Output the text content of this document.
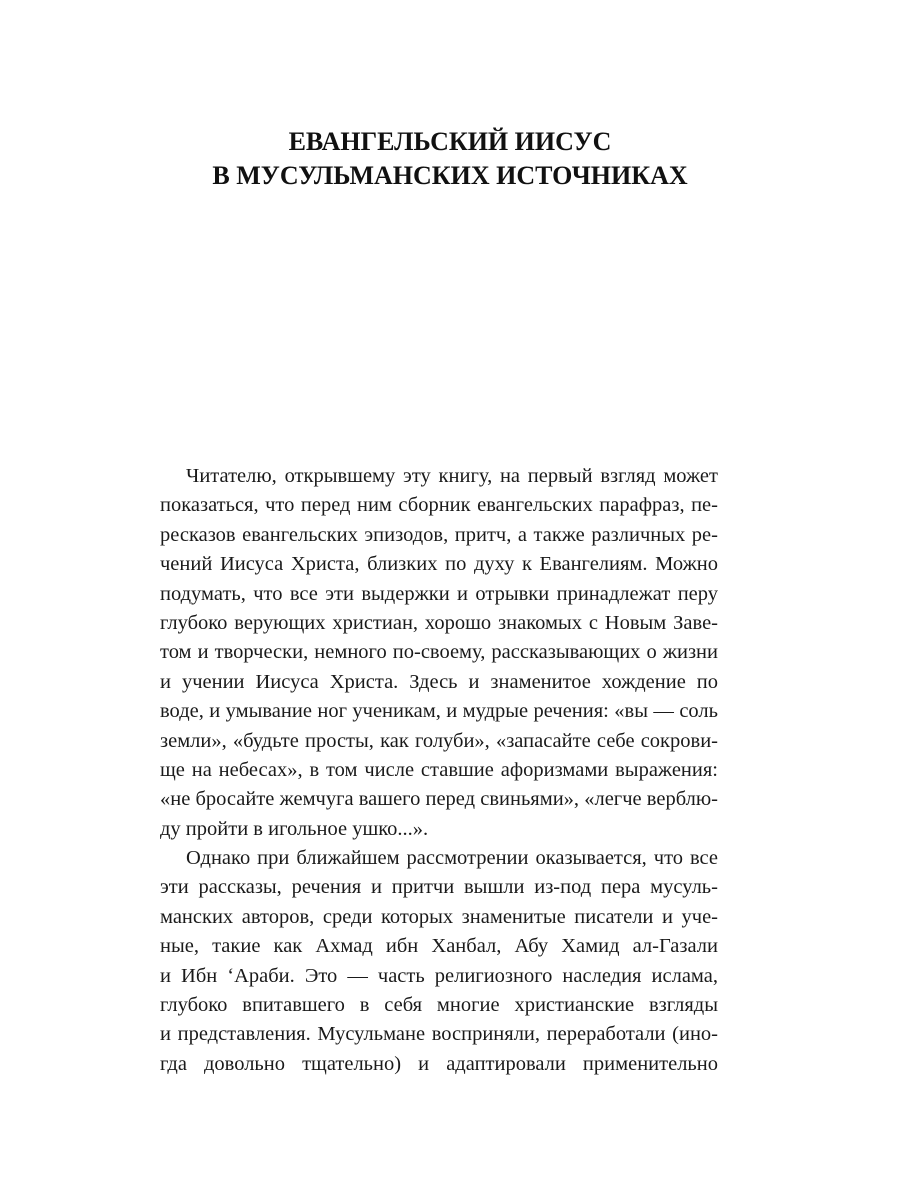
ЕВАНГЕЛЬСКИЙ ИИСУС
В МУСУЛЬМАНСКИХ ИСТОЧНИКАХ
Читателю, открывшему эту книгу, на первый взгляд может
показаться, что перед ним сборник евангельских парафраз, пе-
ресказов евангельских эпизодов, притч, а также различных ре-
чений Иисуса Христа, близких по духу к Евангелиям. Можно
подумать, что все эти выдержки и отрывки принадлежат перу
глубоко верующих христиан, хорошо знакомых с Новым Заве-
том и творчески, немного по-своему, рассказывающих о жизни
и учении Иисуса Христа. Здесь и знаменитое хождение по
воде, и умывание ног ученикам, и мудрые речения: «вы — соль
земли», «будьте просты, как голуби», «запасайте себе сокрови-
ще на небесах», в том числе ставшие афоризмами выражения:
«не бросайте жемчуга вашего перед свиньями», «легче верблю-
ду пройти в игольное ушко...».
Однако при ближайшем рассмотрении оказывается, что все
эти рассказы, речения и притчи вышли из-под пера мусуль-
манских авторов, среди которых знаменитые писатели и уче-
ные, такие как Ахмад ибн Ханбал, Абу Хамид ал-Газали
и Ибн ‘Араби. Это — часть религиозного наследия ислама,
глубоко впитавшего в себя многие христианские взгляды
и представления. Мусульмане восприняли, переработали (ино-
гда довольно тщательно) и адаптировали применительно
